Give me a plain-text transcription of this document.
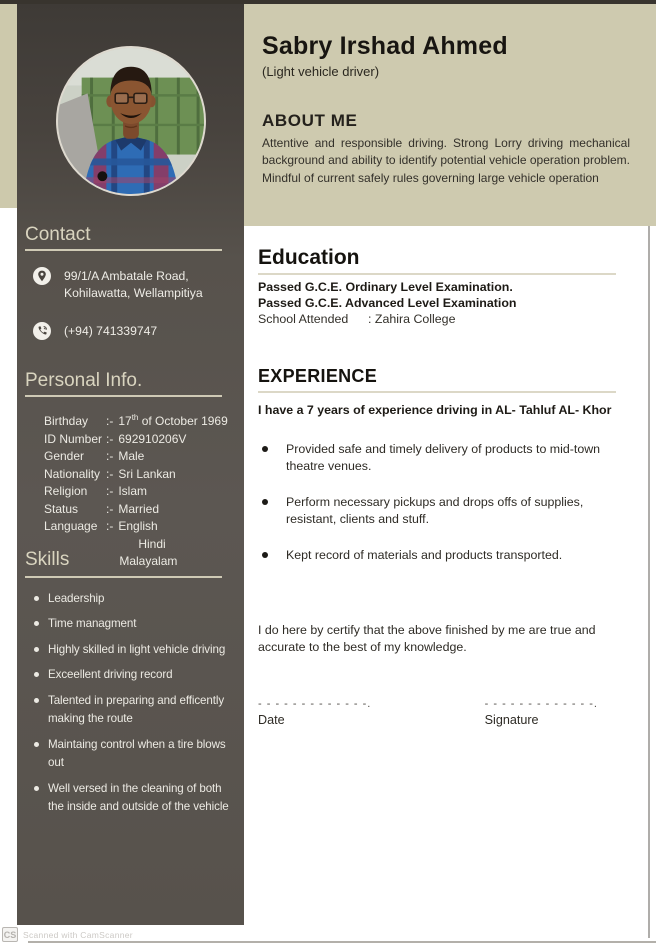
Contact
99/1/A Ambatale Road,
Kohilawatta, Wellampitiya
(+94) 741339747
Personal Info.
Birthday :- 17th of October 1969
ID Number :- 692910206V
Gender :- Male
Nationality :- Sri Lankan
Religion :- Islam
Status :- Married
Language :- English
Hindi
Malayalam
Skills
Leadership
Time managment
Highly skilled in light vehicle driving
Exceellent driving record
Talented in preparing and efficently making the route
Maintaing control when a tire blows out
Well versed in the cleaning of both the inside and outside of the vehicle
Sabry Irshad Ahmed
(Light vehicle driver)
ABOUT ME

Attentive and responsible driving. Strong Lorry driving mechanical background and ability to identify potential vehicle operation problem. Mindful of current safely rules governing large vehicle operation

Education
Passed G.C.E. Ordinary Level Examination.
Passed G.C.E. Advanced Level Examination
School Attended	: Zahira College
EXPERIENCE

I have a 7 years of experience driving in AL- Tahluf AL- Khor

Provided safe and timely delivery of products to mid-town theatre venues.
Perform necessary pickups and drops offs of supplies, resistant, clients and stuff.
Kept record of materials and products transported.

I do here by certify that the above finished by me are true and accurate to the best of my knowledge.

- - - - - - - - - - - - -.
Date
- - - - - - - - - - - - -.
Signature
CS Scanned with CamScanner
